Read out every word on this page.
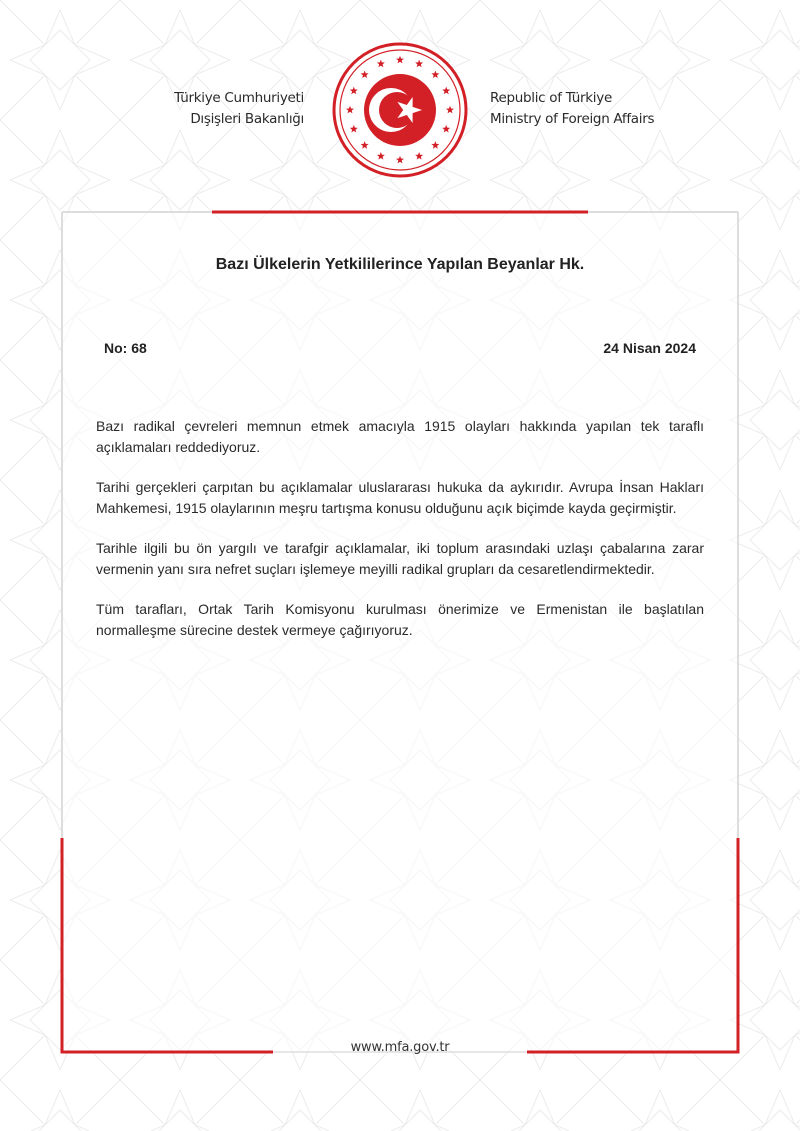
Türkiye Cumhuriyeti
Dışişleri Bakanlığı
Republic of Türkiye
Ministry of Foreign Affairs
Bazı Ülkelerin Yetkililerince Yapılan Beyanlar Hk.
No: 68	24 Nisan 2024

Bazı radikal çevreleri memnun etmek amacıyla 1915 olayları hakkında yapılan tek taraflı açıklamaları reddediyoruz.

Tarihi gerçekleri çarpıtan bu açıklamalar uluslararası hukuka da aykırıdır. Avrupa İnsan Hakları Mahkemesi, 1915 olaylarının meşru tartışma konusu olduğunu açık biçimde kayda geçirmiştir.

Tarihle ilgili bu ön yargılı ve tarafgir açıklamalar, iki toplum arasındaki uzlaşı çabalarına zarar vermenin yanı sıra nefret suçları işlemeye meyilli radikal grupları da cesaretlendirmektedir.

Tüm tarafları, Ortak Tarih Komisyonu kurulması önerimize ve Ermenistan ile başlatılan normalleşme sürecine destek vermeye çağırıyoruz.

www.mfa.gov.tr
